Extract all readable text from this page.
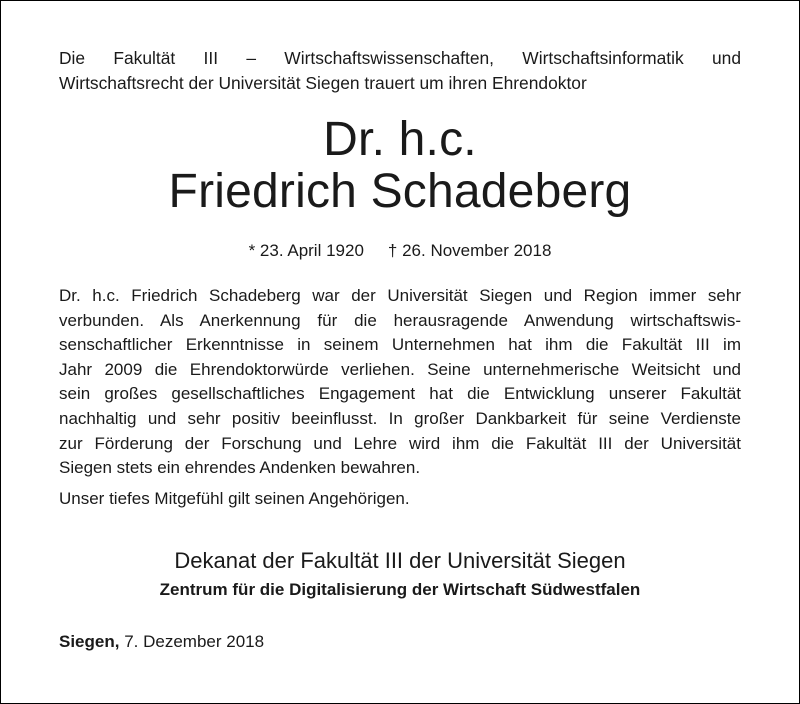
Die Fakultät III – Wirtschaftswissenschaften, Wirtschaftsinformatik und
Wirtschaftsrecht der Universität Siegen trauert um ihren Ehrendoktor

Dr. h.c.
Friedrich Schadeberg
* 23. April 1920 † 26. November 2018
Dr. h.c. Friedrich Schadeberg war der Universität Siegen und Region immer sehr
verbunden. Als Anerkennung für die herausragende Anwendung wirtschaftswis-
senschaftlicher Erkenntnisse in seinem Unternehmen hat ihm die Fakultät III im
Jahr 2009 die Ehrendoktorwürde verliehen. Seine unternehmerische Weitsicht und
sein großes gesellschaftliches Engagement hat die Entwicklung unserer Fakultät
nachhaltig und sehr positiv beeinflusst. In großer Dankbarkeit für seine Verdienste
zur Förderung der Forschung und Lehre wird ihm die Fakultät III der Universität
Siegen stets ein ehrendes Andenken bewahren.
Unser tiefes Mitgefühl gilt seinen Angehörigen.
Dekanat der Fakultät III der Universität Siegen
Zentrum für die Digitalisierung der Wirtschaft Südwestfalen
Siegen, 7. Dezember 2018
